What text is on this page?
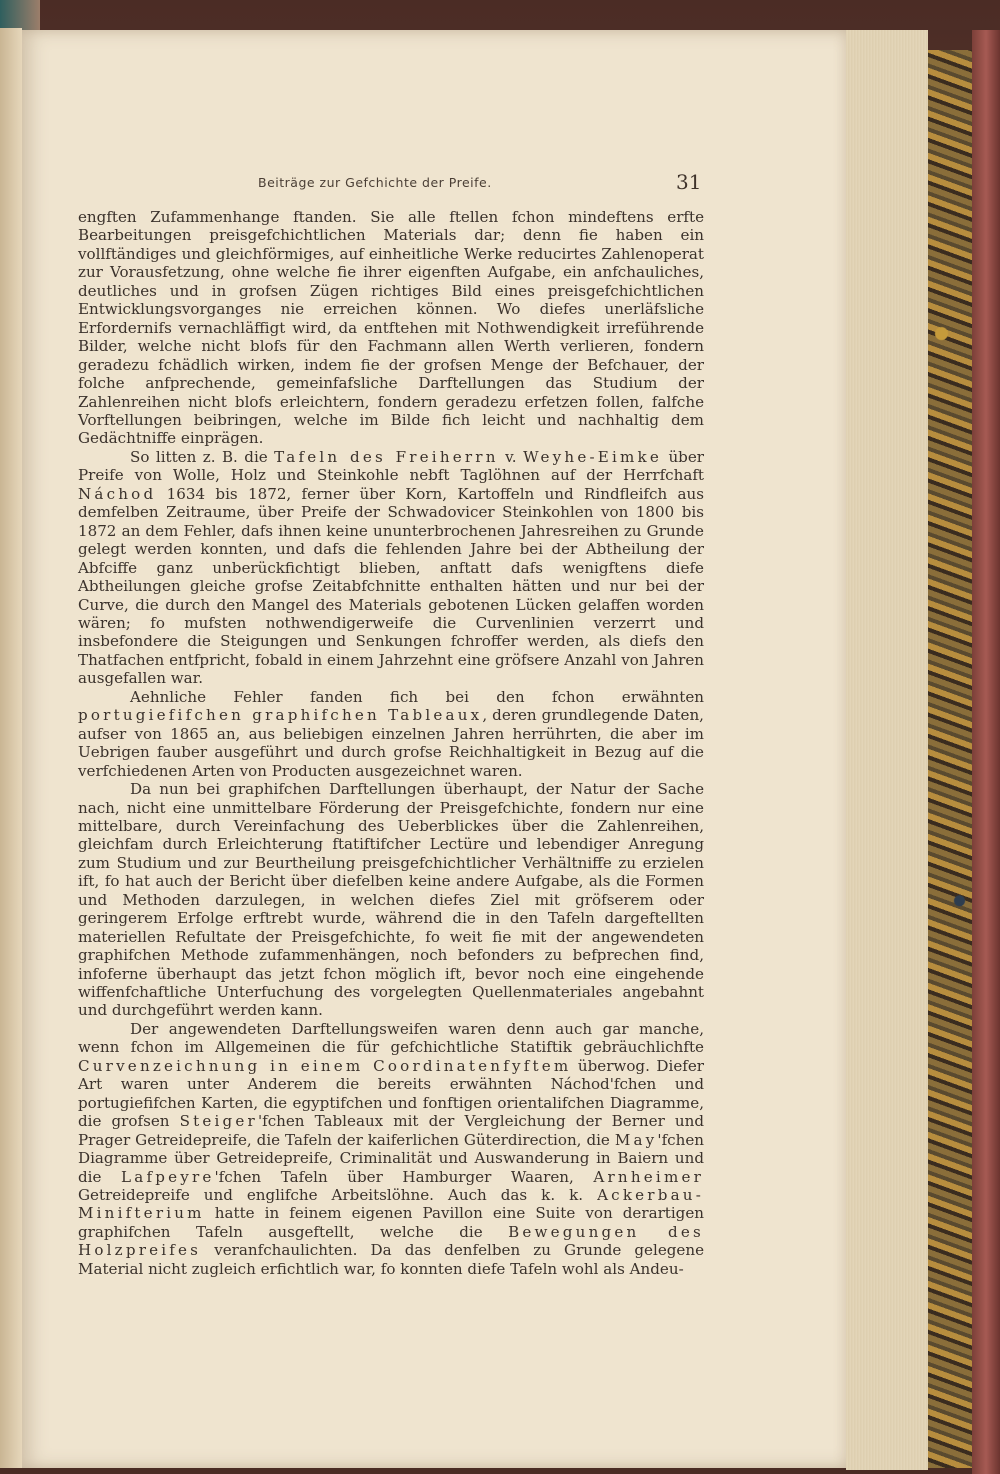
Beiträge zur Gefchichte der Preife.	31

engften Zufammenhange ftanden. Sie alle ftellen fchon mindeftens erfte Bearbeitungen preisgefchichtlichen Materials dar; denn fie haben ein vollftändiges und gleichförmiges, auf einheitliche Werke reducirtes Zahlenoperat zur Vorausfetzung, ohne welche fie ihrer eigenften Aufgabe, ein anfchauliches, deutliches und in grofsen Zügen richtiges Bild eines preisgefchichtlichen Entwicklungsvorganges nie erreichen können. Wo diefes unerläfsliche Erfordernifs vernachläffigt wird, da entftehen mit Nothwendigkeit irreführende Bilder, welche nicht blofs für den Fachmann allen Werth verlieren, fondern geradezu fchädlich wirken, indem fie der grofsen Menge der Befchauer, der folche anfprechende, gemeinfafsliche Darftellungen das Studium der Zahlenreihen nicht blofs erleichtern, fondern geradezu erfetzen follen, falfche Vorftellungen beibringen, welche im Bilde fich leicht und nachhaltig dem Gedächtniffe einprägen.

So litten z. B. die Tafeln des Freiherrn v. Weyhe-Eimke über Preife von Wolle, Holz und Steinkohle nebft Taglöhnen auf der Herrfchaft Náchod 1634 bis 1872, ferner über Korn, Kartoffeln und Rindfleifch aus demfelben Zeitraume, über Preife der Schwadovicer Steinkohlen von 1800 bis 1872 an dem Fehler, dafs ihnen keine ununterbrochenen Jahresreihen zu Grunde gelegt werden konnten, und dafs die fehlenden Jahre bei der Abtheilung der Abfciffe ganz unberückfichtigt blieben, anftatt dafs wenigftens diefe Abtheilungen gleiche grofse Zeitabfchnitte enthalten hätten und nur bei der Curve, die durch den Mangel des Materials gebotenen Lücken gelaffen worden wären; fo mufsten nothwendigerweife die Curvenlinien verzerrt und insbefondere die Steigungen und Senkungen fchroffer werden, als diefs den Thatfachen entfpricht, fobald in einem Jahrzehnt eine gröfsere Anzahl von Jahren ausgefallen war.

Aehnliche Fehler fanden fich bei den fchon erwähnten portugiefifchen graphifchen Tableaux, deren grundlegende Daten, aufser von 1865 an, aus beliebigen einzelnen Jahren herrührten, die aber im Uebrigen fauber ausgeführt und durch grofse Reichhaltigkeit in Bezug auf die verfchiedenen Arten von Producten ausgezeichnet waren.

Da nun bei graphifchen Darftellungen überhaupt, der Natur der Sache nach, nicht eine unmittelbare Förderung der Preisgefchichte, fondern nur eine mittelbare, durch Vereinfachung des Ueberblickes über die Zahlenreihen, gleichfam durch Erleichterung ftatiftifcher Lectüre und lebendiger Anregung zum Studium und zur Beurtheilung preisgefchichtlicher Verhältniffe zu erzielen ift, fo hat auch der Bericht über diefelben keine andere Aufgabe, als die Formen und Methoden darzulegen, in welchen diefes Ziel mit gröfserem oder geringerem Erfolge erftrebt wurde, während die in den Tafeln dargeftellten materiellen Refultate der Preisgefchichte, fo weit fie mit der angewendeten graphifchen Methode zufammenhängen, noch befonders zu befprechen find, infoferne überhaupt das jetzt fchon möglich ift, bevor noch eine eingehende wiffenfchaftliche Unterfuchung des vorgelegten Quellenmateriales angebahnt und durchgeführt werden kann.

Der angewendeten Darftellungsweifen waren denn auch gar manche, wenn fchon im Allgemeinen die für gefchichtliche Statiftik gebräuchlichfte Curvenzeichnung in einem Coordinatenfyftem überwog. Diefer Art waren unter Anderem die bereits erwähnten Náchod'fchen und portugiefifchen Karten, die egyptifchen und fonftigen orientalifchen Diagramme, die grofsen Steiger'fchen Tableaux mit der Vergleichung der Berner und Prager Getreidepreife, die Tafeln der kaiferlichen Güterdirection, die May'fchen Diagramme über Getreidepreife, Criminalität und Auswanderung in Baiern und die Lafpeyre'fchen Tafeln über Hamburger Waaren, Arnheimer Getreidepreife und englifche Arbeitslöhne. Auch das k. k. Ackerbau-Minifterium hatte in feinem eigenen Pavillon eine Suite von derartigen graphifchen Tafeln ausgeftellt, welche die Bewegungen des Holzpreifes veranfchaulichten. Da das denfelben zu Grunde gelegene Material nicht zugleich erfichtlich war, fo konnten diefe Tafeln wohl als Andeu-
